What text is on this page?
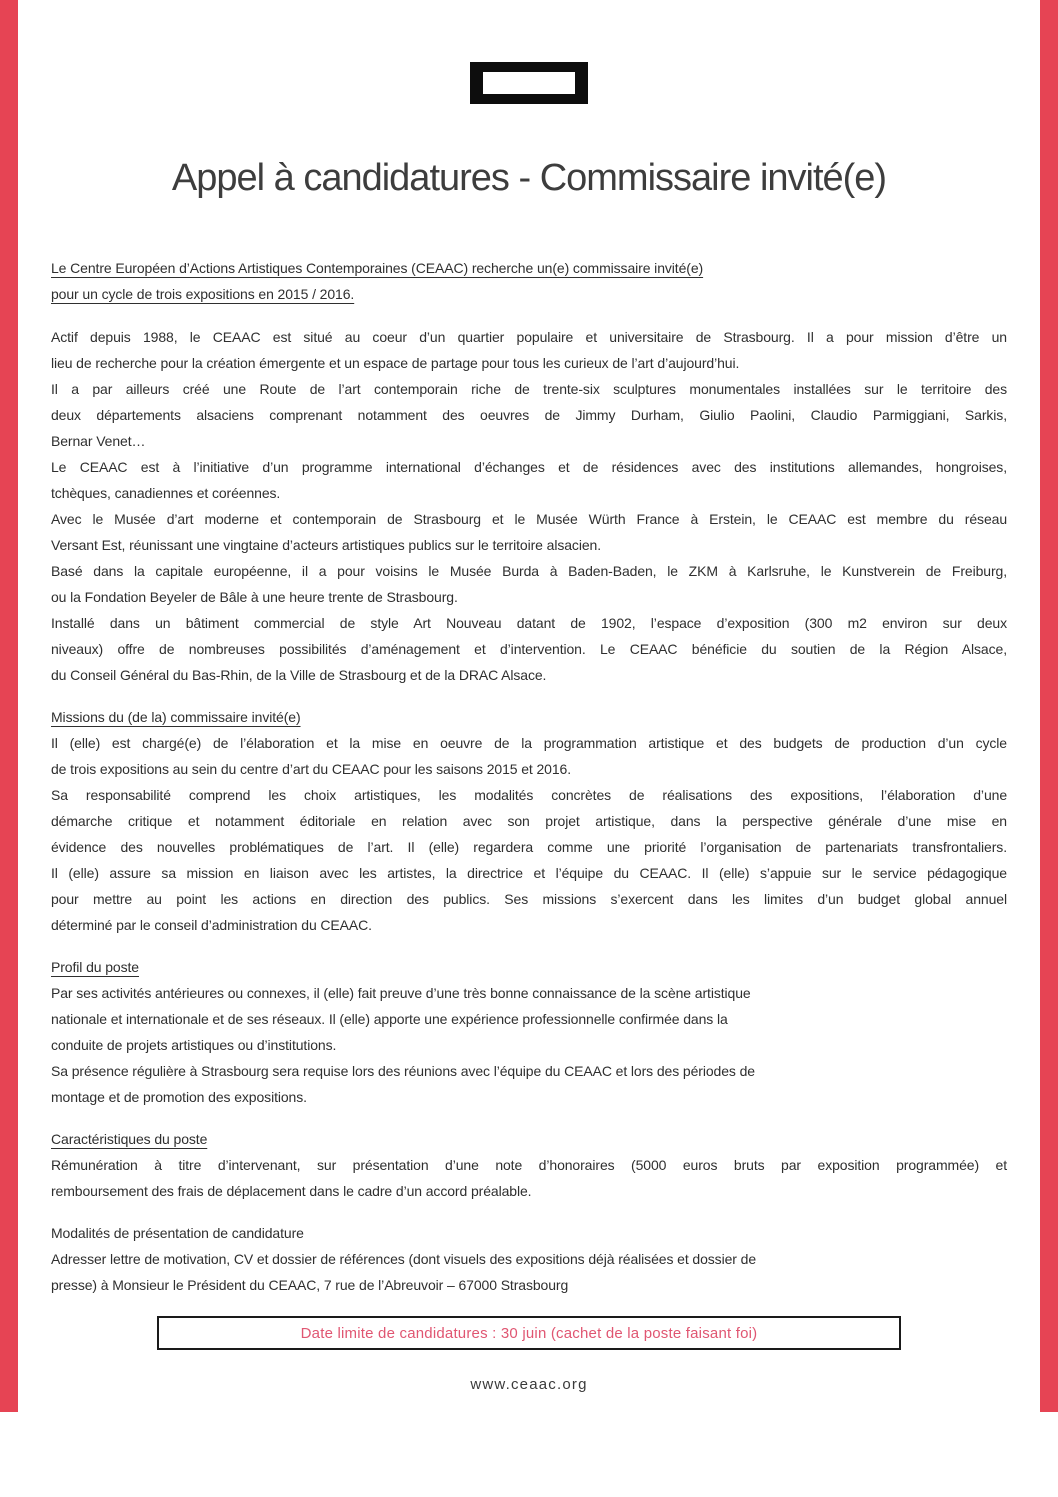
Appel à candidatures - Commissaire invité(e)
Le Centre Européen d’Actions Artistiques Contemporaines (CEAAC) recherche un(e) commissaire invité(e)
pour un cycle de trois expositions en 2015 / 2016.
Actif depuis 1988, le CEAAC est situé au coeur d’un quartier populaire et universitaire de Strasbourg. Il a pour mission d’être un
lieu de recherche pour la création émergente et un espace de partage pour tous les curieux de l’art d’aujourd’hui.
Il a par ailleurs créé une Route de l’art contemporain riche de trente-six sculptures monumentales installées sur le territoire des
deux départements alsaciens comprenant notamment des oeuvres de Jimmy Durham, Giulio Paolini, Claudio Parmiggiani, Sarkis,
Bernar Venet…
Le CEAAC est à l’initiative d’un programme international d’échanges et de résidences avec des institutions allemandes, hongroises,
tchèques, canadiennes et coréennes.
Avec le Musée d’art moderne et contemporain de Strasbourg et le Musée Würth France à Erstein, le CEAAC est membre du réseau
Versant Est, réunissant une vingtaine d’acteurs artistiques publics sur le territoire alsacien.
Basé dans la capitale européenne, il a pour voisins le Musée Burda à Baden-Baden, le ZKM à Karlsruhe, le Kunstverein de Freiburg,
ou la Fondation Beyeler de Bâle à une heure trente de Strasbourg.
Installé dans un bâtiment commercial de style Art Nouveau datant de 1902, l’espace d’exposition (300 m2 environ sur deux
niveaux) offre de nombreuses possibilités d’aménagement et d’intervention. Le CEAAC bénéficie du soutien de la Région Alsace,
du Conseil Général du Bas-Rhin, de la Ville de Strasbourg et de la DRAC Alsace.
Missions du (de la) commissaire invité(e)
Il (elle) est chargé(e) de l’élaboration et la mise en oeuvre de la programmation artistique et des budgets de production d’un cycle
de trois expositions au sein du centre d’art du CEAAC pour les saisons 2015 et 2016.
Sa responsabilité comprend les choix artistiques, les modalités concrètes de réalisations des expositions, l’élaboration d’une
démarche critique et notamment éditoriale en relation avec son projet artistique, dans la perspective générale d’une mise en
évidence des nouvelles problématiques de l’art. Il (elle) regardera comme une priorité l’organisation de partenariats transfrontaliers.
Il (elle) assure sa mission en liaison avec les artistes, la directrice et l’équipe du CEAAC. Il (elle) s’appuie sur le service pédagogique
pour mettre au point les actions en direction des publics. Ses missions s’exercent dans les limites d’un budget global annuel
déterminé par le conseil d’administration du CEAAC.
Profil du poste
Par ses activités antérieures ou connexes, il (elle) fait preuve d’une très bonne connaissance de la scène artistique
nationale et internationale et de ses réseaux. Il (elle) apporte une expérience professionnelle confirmée dans la
conduite de projets artistiques ou d’institutions.
Sa présence régulière à Strasbourg sera requise lors des réunions avec l’équipe du CEAAC et lors des périodes de
montage et de promotion des expositions.
Caractéristiques du poste
Rémunération à titre d’intervenant, sur présentation d’une note d’honoraires (5000 euros bruts par exposition programmée) et
remboursement des frais de déplacement dans le cadre d’un accord préalable.
Modalités de présentation de candidature
Adresser lettre de motivation, CV et dossier de références (dont visuels des expositions déjà réalisées et dossier de
presse) à Monsieur le Président du CEAAC, 7 rue de l’Abreuvoir – 67000 Strasbourg
Date limite de candidatures : 30 juin (cachet de la poste faisant foi)
www.ceaac.org
